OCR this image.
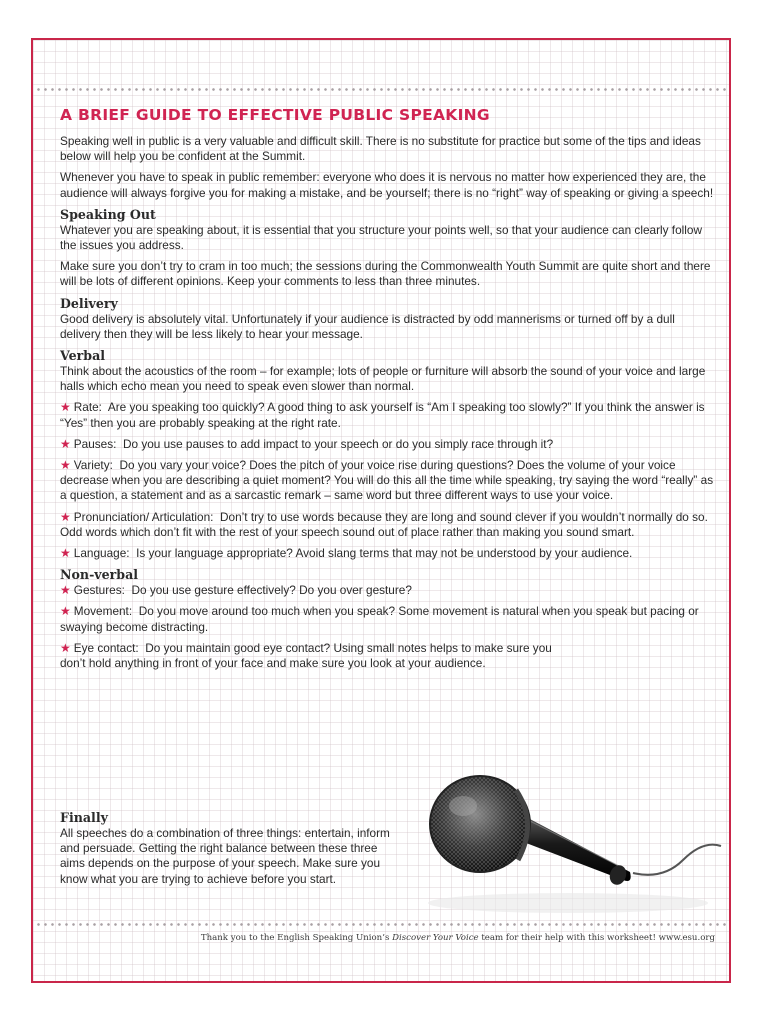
A BRIEF GUIDE TO EFFECTIVE PUBLIC SPEAKING

Speaking well in public is a very valuable and difficult skill. There is no substitute for practice but some of the tips and ideas below will help you be confident at the Summit.

Whenever you have to speak in public remember: everyone who does it is nervous no matter how experienced they are, the audience will always forgive you for making a mistake, and be yourself; there is no “right” way of speaking or giving a speech!

Speaking Out

Whatever you are speaking about, it is essential that you structure your points well, so that your audience can clearly follow the issues you address.

Make sure you don’t try to cram in too much; the sessions during the Commonwealth Youth Summit are quite short and there will be lots of different opinions. Keep your comments to less than three minutes.

Delivery

Good delivery is absolutely vital. Unfortunately if your audience is distracted by odd mannerisms or turned off by a dull delivery then they will be less likely to hear your message.

Verbal

Think about the acoustics of the room – for example; lots of people or furniture will absorb the sound of your voice and large halls which echo mean you need to speak even slower than normal.

★ Rate: Are you speaking too quickly? A good thing to ask yourself is “Am I speaking too slowly?” If you think the answer is “Yes” then you are probably speaking at the right rate.
★ Pauses: Do you use pauses to add impact to your speech or do you simply race through it?
★ Variety: Do you vary your voice? Does the pitch of your voice rise during questions? Does the volume of your voice decrease when you are describing a quiet moment? You will do this all the time while speaking, try saying the word “really” as a question, a statement and as a sarcastic remark – same word but three different ways to use your voice.
★ Pronunciation/ Articulation: Don’t try to use words because they are long and sound clever if you wouldn’t normally do so. Odd words which don’t fit with the rest of your speech sound out of place rather than making you sound smart.
★ Language: Is your language appropriate? Avoid slang terms that may not be understood by your audience.
Non-verbal
★ Gestures: Do you use gesture effectively? Do you over gesture?
★ Movement: Do you move around too much when you speak? Some movement is natural when you speak but pacing or swaying become distracting.
★ Eye contact: Do you maintain good eye contact? Using small notes helps to make sure you don’t hold anything in front of your face and make sure you look at your audience.
Finally

All speeches do a combination of three things: entertain, inform and persuade. Getting the right balance between these three aims depends on the purpose of your speech. Make sure you know what you are trying to achieve before you start.

Thank you to the English Speaking Union’s Discover Your Voice team for their help with this worksheet! www.esu.org
